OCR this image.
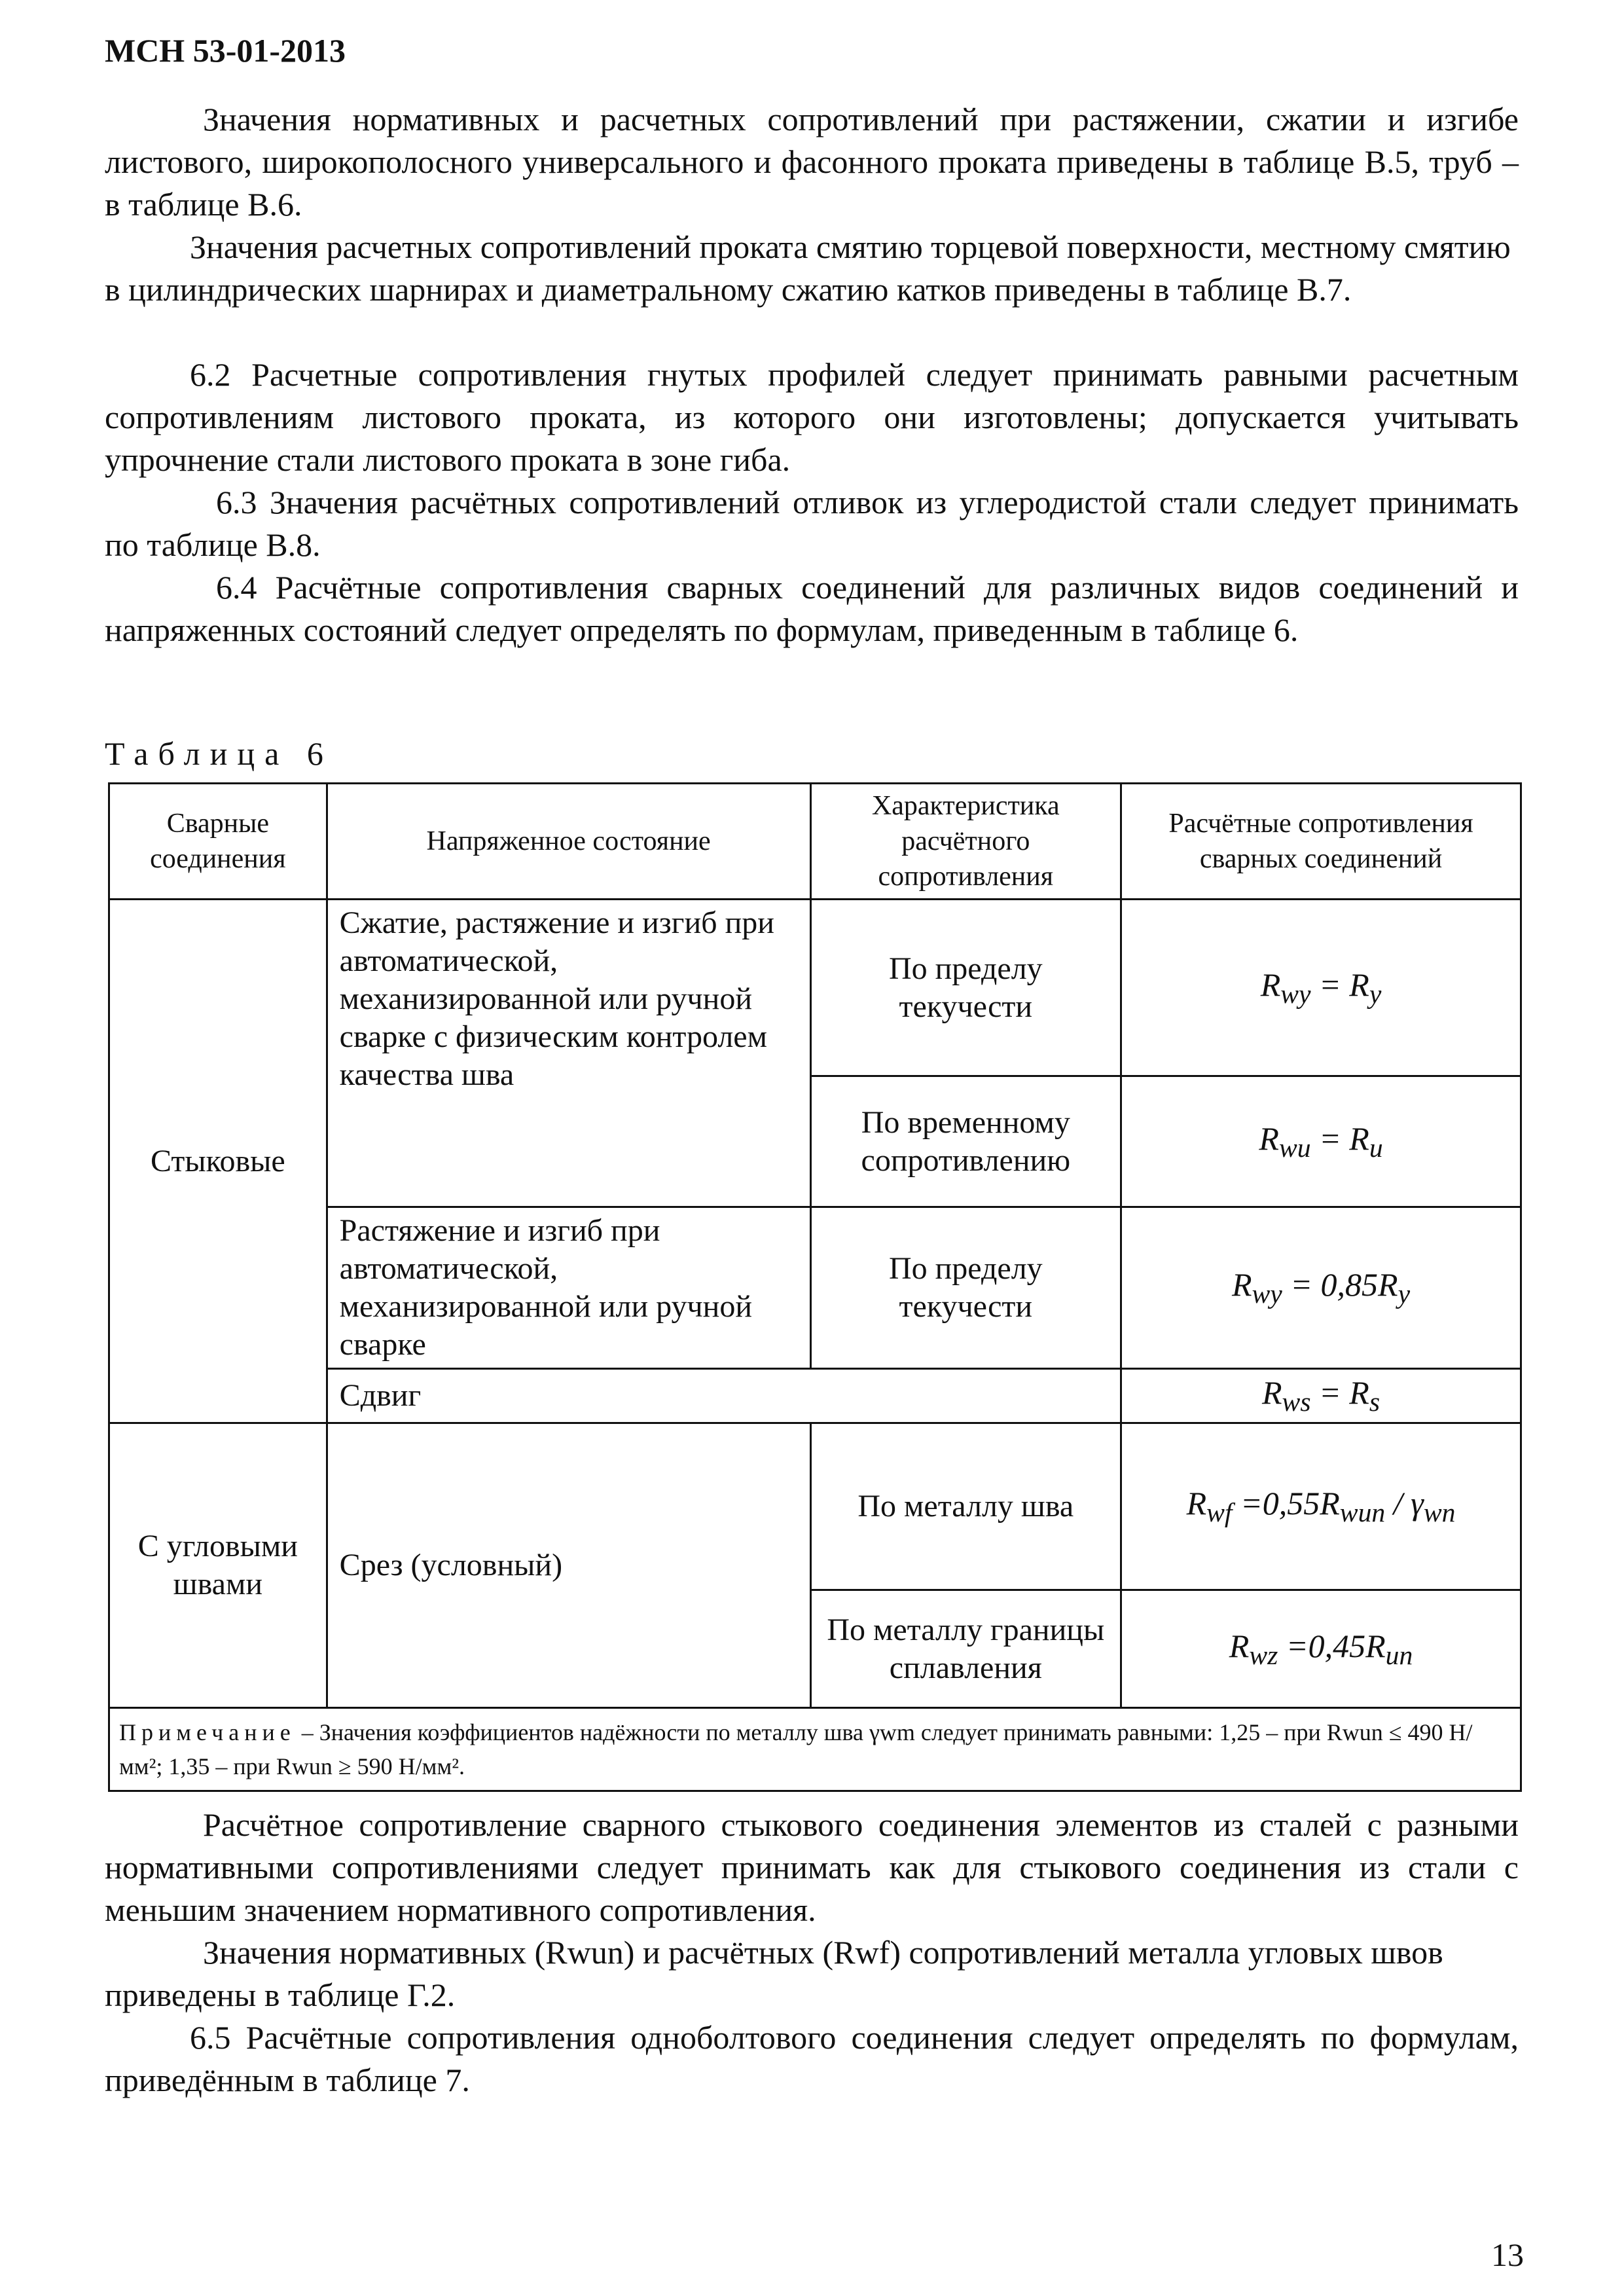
МСН 53-01-2013
Значения нормативных и расчетных сопротивлений при растяжении, сжатии и изгибе листового, широкополосного универсального и фасонного проката приведены в таблице В.5, труб – в таблице В.6.
Значения расчетных сопротивлений проката смятию торцевой поверхности, местному смятию в цилиндрических шарнирах и диаметральному сжатию катков приведены в таблице В.7.
6.2 Расчетные сопротивления гнутых профилей следует принимать равными расчетным сопротивлениям листового проката, из которого они изготовлены; допускается учитывать упрочнение стали листового проката в зоне гиба.
6.3 Значения расчётных сопротивлений отливок из углеродистой стали следует принимать по таблице В.8.
6.4 Расчётные сопротивления сварных соединений для различных видов соединений и напряженных состояний следует определять по формулам, приведенным в таблице 6.
Таблица 6
Сварные соединения	Напряженное состояние	Характеристика расчётного сопротивления	Расчётные сопротивления сварных соединений
Стыковые	Сжатие, растяжение и изгиб при автоматической, механизированной или ручной сварке с физическим контролем качества шва	По пределу текучести	$R_{wy} = R_y$
		По временному сопротивлению	$R_{wu} = R_u$
	Растяжение и изгиб при автоматической, механизированной или ручной сварке	По пределу текучести	$R_{wy} = 0,85R_y$
	Сдвиг		$R_{ws} = R_s$
С угловыми швами	Срез (условный)	По металлу шва	$R_{wf} =0,55R_{wun} / \gamma_{wn}$
		По металлу границы сплавления	$R_{wz} =0,45R_{un}$
Примечание – Значения коэффициентов надёжности по металлу шва γwm следует принимать равными: 1,25 – при Rwun ≤ 490 Н/мм²; 1,35 – при Rwun ≥ 590 Н/мм².			
Расчётное сопротивление сварного стыкового соединения элементов из сталей с разными нормативными сопротивлениями следует принимать как для стыкового соединения из стали с меньшим значением нормативного сопротивления.
Значения нормативных (Rwun) и расчётных (Rwf) сопротивлений металла угловых швов приведены в таблице Г.2.
6.5 Расчётные сопротивления одноболтового соединения следует определять по формулам, приведённым в таблице 7.
13
